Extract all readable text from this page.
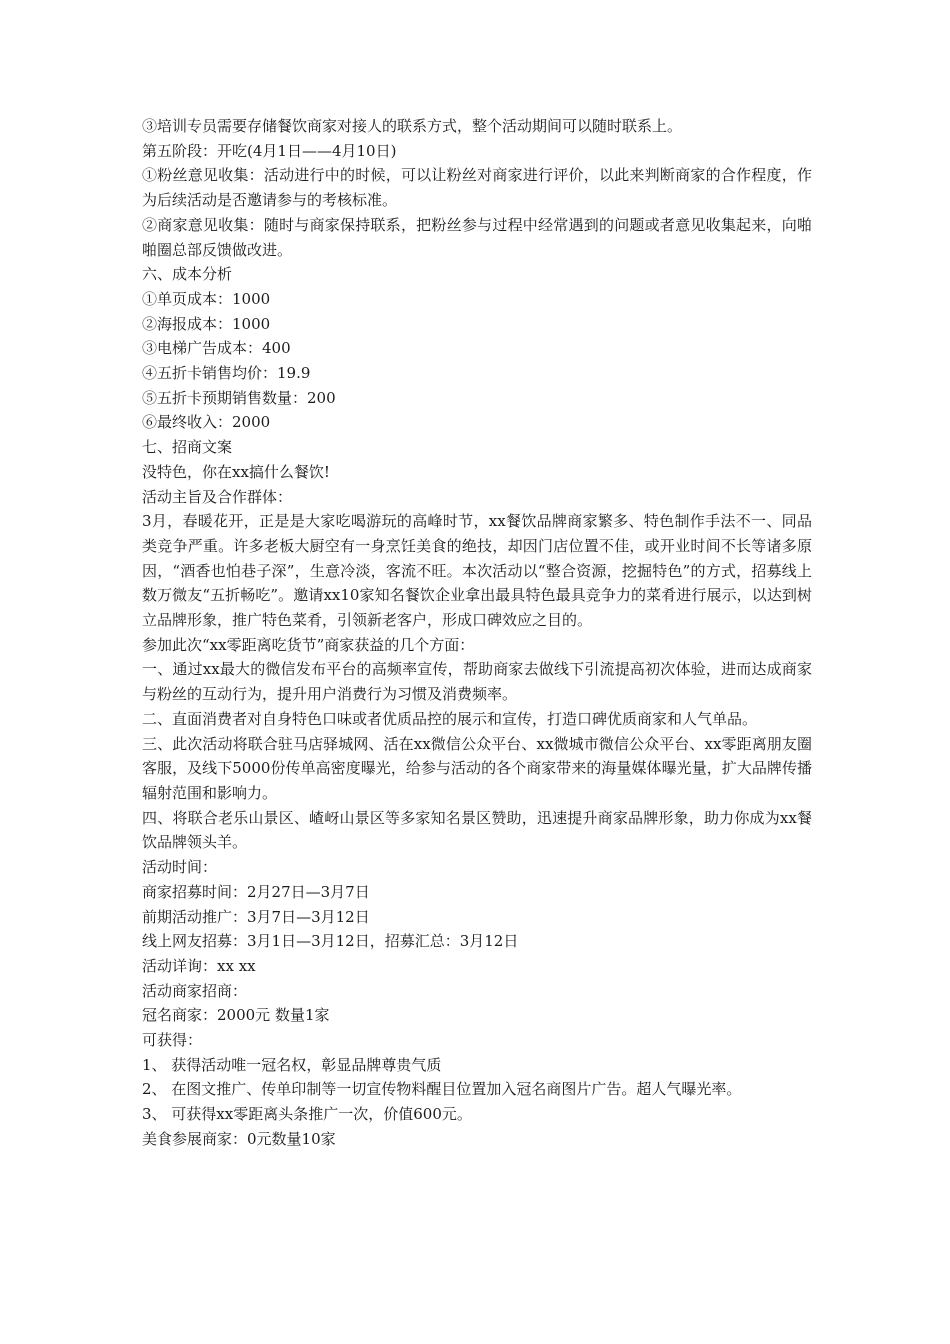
③培训专员需要存储餐饮商家对接人的联系方式，整个活动期间可以随时联系上。
第五阶段：开吃(4月1日——4月10日)
①粉丝意见收集：活动进行中的时候，可以让粉丝对商家进行评价，以此来判断商家的合作程度，作为后续活动是否邀请参与的考核标准。
②商家意见收集：随时与商家保持联系，把粉丝参与过程中经常遇到的问题或者意见收集起来，向啪啪圈总部反馈做改进。
六、成本分析
①单页成本：1000
②海报成本：1000
③电梯广告成本：400
④五折卡销售均价：19.9
⑤五折卡预期销售数量：200
⑥最终收入：2000
七、招商文案
没特色，你在xx搞什么餐饮!
活动主旨及合作群体：
3月，春暖花开，正是是大家吃喝游玩的高峰时节，xx餐饮品牌商家繁多、特色制作手法不一、同品类竞争严重。许多老板大厨空有一身烹饪美食的绝技，却因门店位置不佳，或开业时间不长等诸多原因，“酒香也怕巷子深”，生意冷淡，客流不旺。本次活动以“整合资源，挖掘特色”的方式，招募线上数万微友“五折畅吃”。邀请xx10家知名餐饮企业拿出最具特色最具竞争力的菜肴进行展示，以达到树立品牌形象，推广特色菜肴，引领新老客户，形成口碑效应之目的。
参加此次“xx零距离吃货节”商家获益的几个方面：
一、通过xx最大的微信发布平台的高频率宣传，帮助商家去做线下引流提高初次体验，进而达成商家与粉丝的互动行为，提升用户消费行为习惯及消费频率。
二、直面消费者对自身特色口味或者优质品控的展示和宣传，打造口碑优质商家和人气单品。
三、此次活动将联合驻马店驿城网、活在xx微信公众平台、xx微城市微信公众平台、xx零距离朋友圈客服，及线下5000份传单高密度曝光，给参与活动的各个商家带来的海量媒体曝光量，扩大品牌传播辐射范围和影响力。
四、将联合老乐山景区、嵖岈山景区等多家知名景区赞助，迅速提升商家品牌形象，助力你成为xx餐饮品牌领头羊。
活动时间：
商家招募时间：2月27日—3月7日
前期活动推广：3月7日—3月12日
线上网友招募：3月1日—3月12日，招募汇总：3月12日
活动详询：xx xx
活动商家招商：
冠名商家：2000元 数量1家
可获得：
1、 获得活动唯一冠名权，彰显品牌尊贵气质
2、 在图文推广、传单印制等一切宣传物料醒目位置加入冠名商图片广告。超人气曝光率。
3、 可获得xx零距离头条推广一次，价值600元。
美食参展商家：0元数量10家
